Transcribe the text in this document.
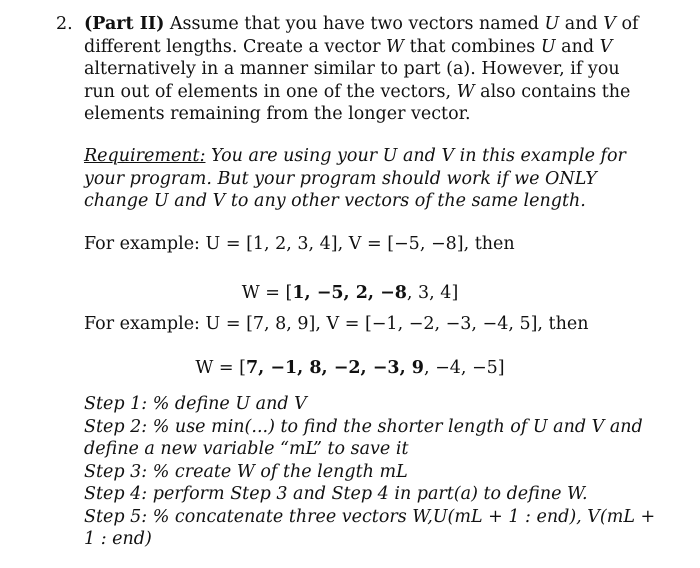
2. (Part II) Assume that you have two vectors named U and V of different lengths. Create a vector W that combines U and V alternatively in a manner similar to part (a). However, if you run out of elements in one of the vectors, W also contains the elements remaining from the longer vector.

Requirement: You are using your U and V in this example for your program. But your program should work if we ONLY change U and V to any other vectors of the same length.

For example: U = [1, 2, 3, 4], V = [−5, −8], then

W = [1, −5, 2, −8, 3, 4]

For example: U = [7, 8, 9], V = [−1, −2, −3, −4, 5], then

W = [7, −1, 8, −2, −3, 9, −4, −5]

Step 1: % define U and V

Step 2: % use min(...) to find the shorter length of U and V and define a new variable “mL” to save it

Step 3: % create W of the length mL

Step 4: perform Step 3 and Step 4 in part(a) to define W.

Step 5: % concatenate three vectors W,U(mL + 1 : end), V(mL + 1 : end)
